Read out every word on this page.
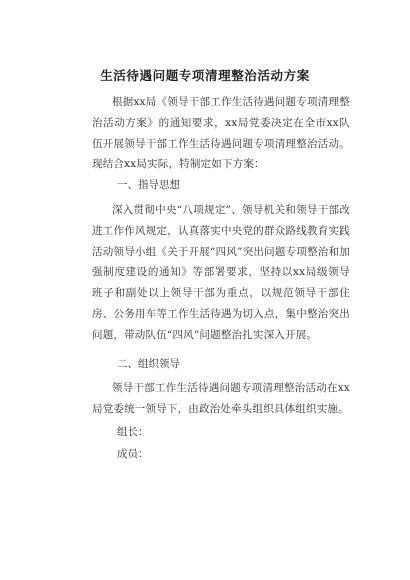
生活待遇问题专项清理整治活动方案

根据xx局《领导干部工作生活待遇问题专项清理整治活动方案》的通知要求，xx局党委决定在全市xx队伍开展领导干部工作生活待遇问题专项清理整治活动。现结合xx局实际，特制定如下方案：

一、指导思想

深入贯彻中央“八项规定”、领导机关和领导干部改进工作作风规定，认真落实中央党的群众路线教育实践活动领导小组《关于开展“四风”突出问题专项整治和加强制度建设的通知》等部署要求，坚持以xx局级领导班子和副处以上领导干部为重点，以规范领导干部住房、公务用车等工作生活待遇为切入点，集中整治突出问题，带动队伍“四风”问题整治扎实深入开展。

二、组织领导

领导干部工作生活待遇问题专项清理整治活动在xx局党委统一领导下，由政治处牵头组织具体组织实施。

组长：

成员：
